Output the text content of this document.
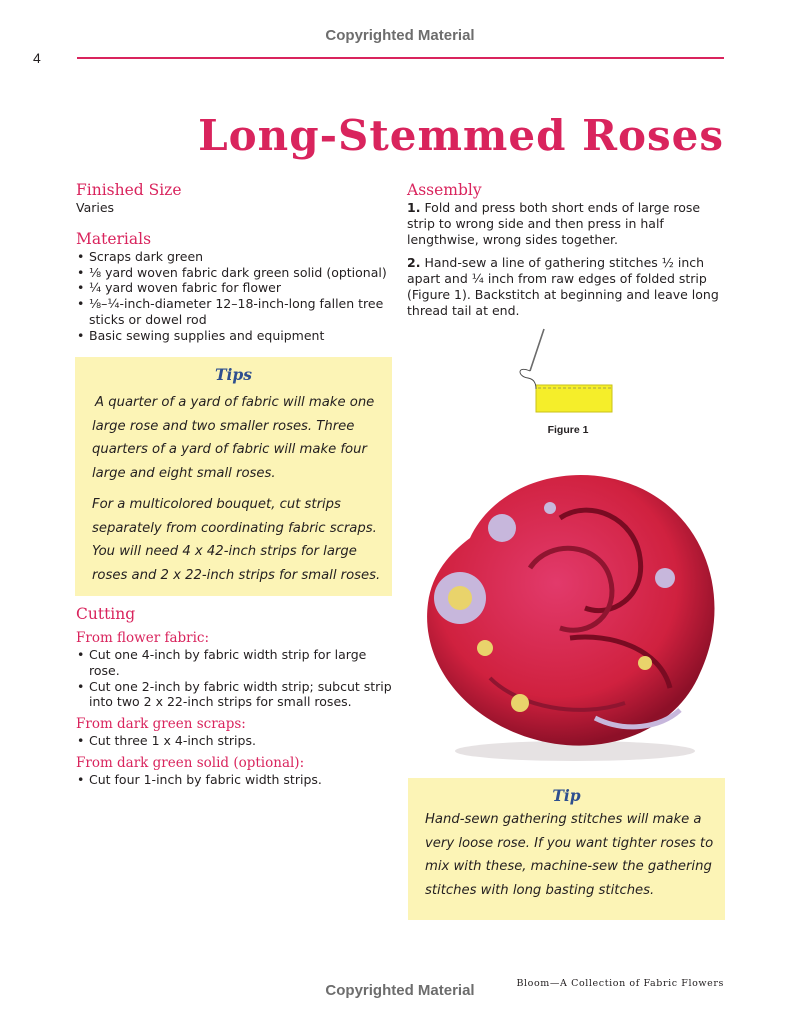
Copyrighted Material
4
Long-Stemmed Roses
Finished Size
Varies
Materials
• Scraps dark green
• ⅛ yard woven fabric dark green solid (optional)
• ¼ yard woven fabric for flower
• ⅛–¼-inch-diameter 12–18-inch-long fallen tree sticks or dowel rod
• Basic sewing supplies and equipment
Tips

A quarter of a yard of fabric will make one large rose and two smaller roses. Three quarters of a yard of fabric will make four large and eight small roses.

For a multicolored bouquet, cut strips separately from coordinating fabric scraps. You will need 4 x 42-inch strips for large roses and 2 x 22-inch strips for small roses.

Cutting
From flower fabric:
• Cut one 4-inch by fabric width strip for large rose.
• Cut one 2-inch by fabric width strip; subcut strip into two 2 x 22-inch strips for small roses.
From dark green scraps:
• Cut three 1 x 4-inch strips.
From dark green solid (optional):
• Cut four 1-inch by fabric width strips.
Assembly

1. Fold and press both short ends of large rose strip to wrong side and then press in half lengthwise, wrong sides together.

2. Hand-sew a line of gathering stitches ½ inch apart and ¼ inch from raw edges of folded strip (Figure 1). Backstitch at beginning and leave long thread tail at end.

Figure 1
Tip

Hand-sewn gathering stitches will make a very loose rose. If you want tighter roses to mix with these, machine-sew the gathering stitches with long basting stitches.

Bloom—A Collection of Fabric Flowers
Copyrighted Material
